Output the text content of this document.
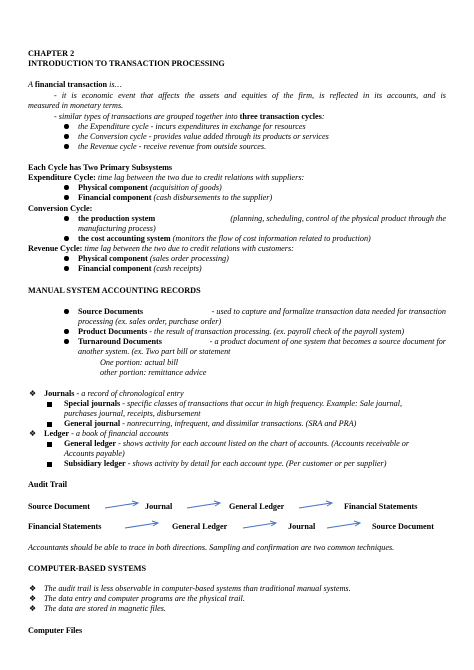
CHAPTER 2
INTRODUCTION TO TRANSACTION PROCESSING
A financial transaction is…
- it is economic event that affects the assets and equities of the firm, is reflected in its accounts, and is
measured in monetary terms.
- similar types of transactions are grouped together into three transaction cycles:
the Expenditure cycle - incurs expenditures in exchange for resources
the Conversion cycle - provides value added through its products or services
the Revenue cycle - receive revenue from outside sources.
Each Cycle has Two Primary Subsystems
Expenditure Cycle: time lag between the two due to credit relations with suppliers:
Physical component (acquisition of goods)
Financial component (cash disbursements to the supplier)
Conversion Cycle:
the production system	(planning, scheduling, control of the physical product through the
manufacturing process)
the cost accounting system (monitors the flow of cost information related to production)
Revenue Cycle: time lag between the two due to credit relations with customers:
Physical component (sales order processing)
Financial component (cash receipts)
MANUAL SYSTEM ACCOUNTING RECORDS
Source Documents	- used to capture and formalize transaction data needed for transaction
processing (ex. sales order, purchase order)
Product Documents - the result of transaction processing. (ex. payroll check of the payroll system)
Turnaround Documents	- a product document of one system that becomes a source document for
another system. (ex. Two part bill or statement
One portion: actual bill
other portion: remittance advice
❖ Journals - a record of chronological entry
Special journals - specific classes of transactions that occur in high frequency. Example: Sale journal,
purchases journal, receipts, disbursement
General journal - nonrecurring, infrequent, and dissimilar transactions. (SRA and PRA)
❖ Ledger - a book of financial accounts
General ledger - shows activity for each account listed on the chart of accounts. (Accounts receivable or
Accounts payable)
Subsidiary ledger - shows activity by detail for each account type. (Per customer or per supplier)
Audit Trail
Source Document	Journal	General Ledger	Financial Statements
Financial Statements	General Ledger	Journal	Source Document
Accountants should be able to trace in both directions. Sampling and confirmation are two common techniques.
COMPUTER-BASED SYSTEMS
❖ The audit trail is less observable in computer-based systems than traditional manual systems.
❖ The data entry and computer programs are the physical trail.
❖ The data are stored in magnetic files.
Computer Files
